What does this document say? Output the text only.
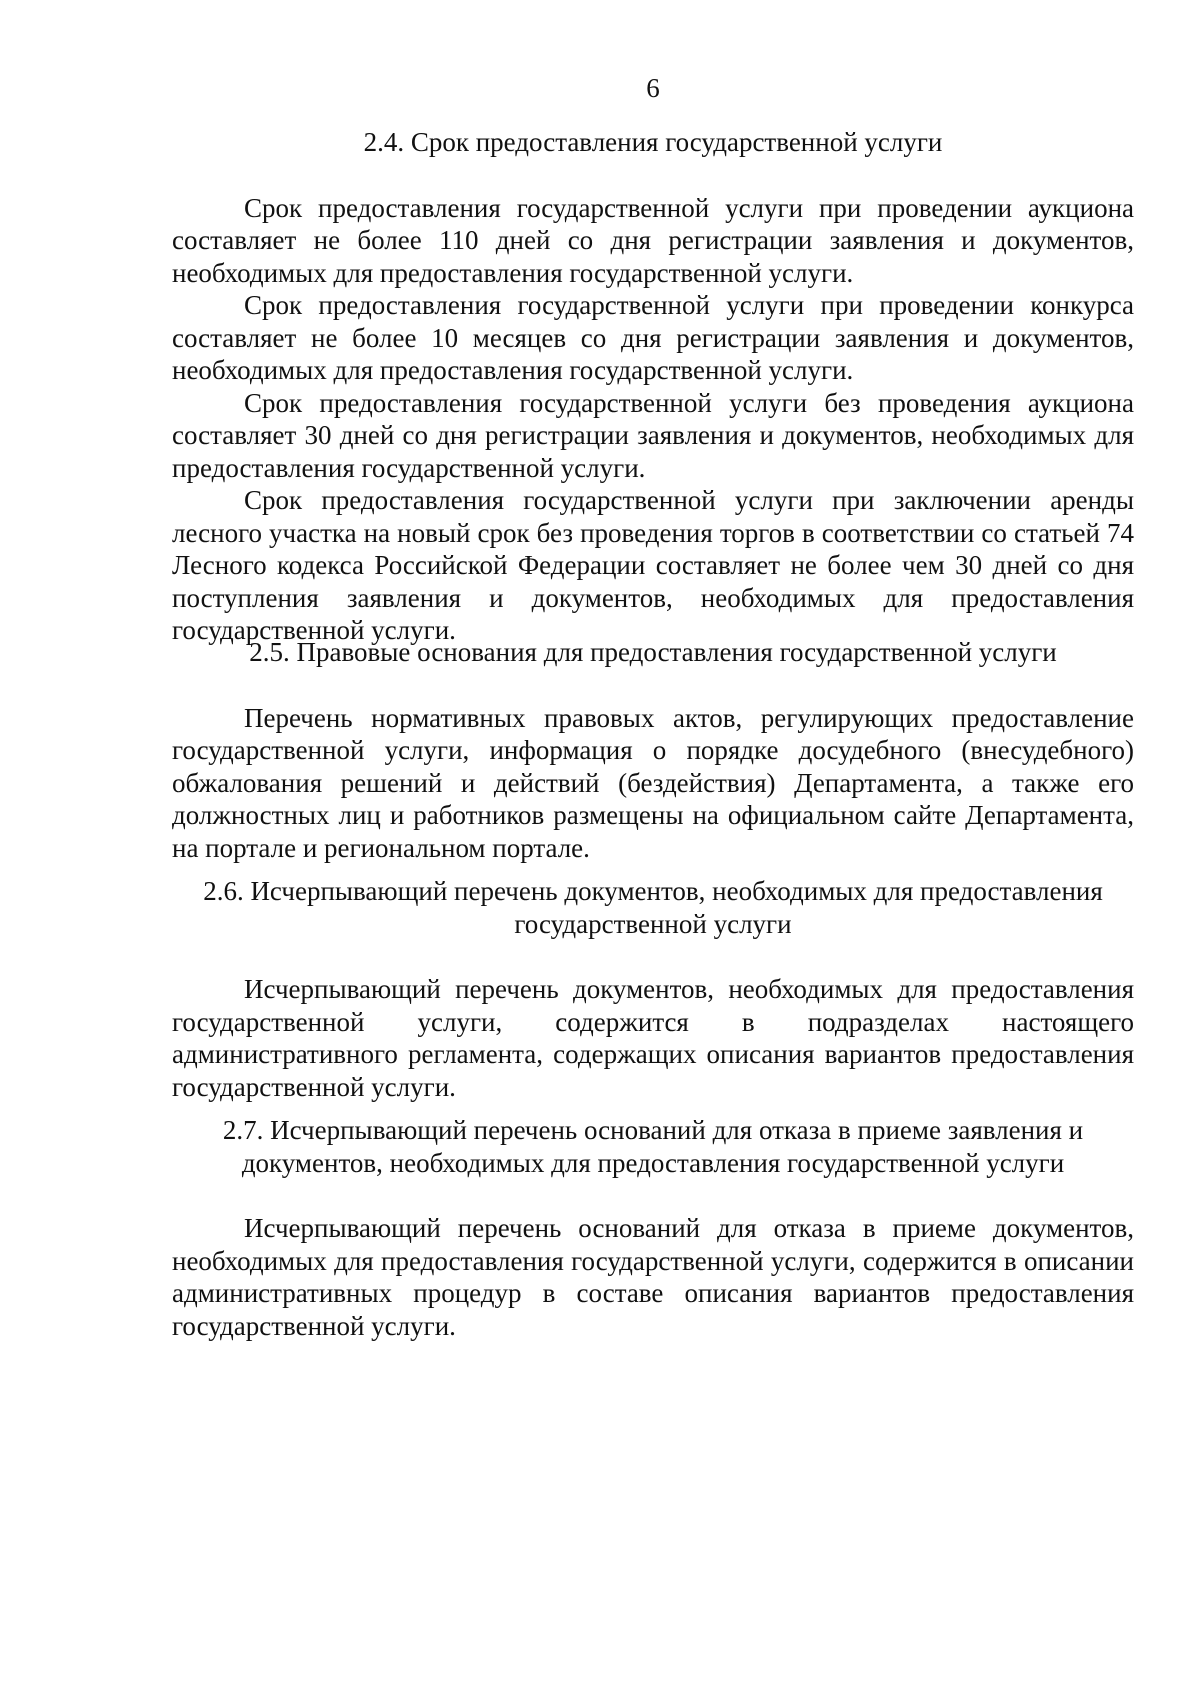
6

2.4. Срок предоставления государственной услуги

Срок предоставления государственной услуги при проведении аукциона составляет не более 110 дней со дня регистрации заявления и документов, необходимых для предоставления государственной услуги.

Срок предоставления государственной услуги при проведении конкурса составляет не более 10 месяцев со дня регистрации заявления и документов, необходимых для предоставления государственной услуги.

Срок предоставления государственной услуги без проведения аукциона составляет 30 дней со дня регистрации заявления и документов, необходимых для предоставления государственной услуги.

Срок предоставления государственной услуги при заключении аренды лесного участка на новый срок без проведения торгов в соответствии со статьей 74 Лесного кодекса Российской Федерации составляет не более чем 30 дней со дня поступления заявления и документов, необходимых для предоставления государственной услуги.

2.5. Правовые основания для предоставления государственной услуги

Перечень нормативных правовых актов, регулирующих предоставление государственной услуги, информация о порядке досудебного (внесудебного) обжалования решений и действий (бездействия) Департамента, а также его должностных лиц и работников размещены на официальном сайте Департамента, на портале и региональном портале.

2.6. Исчерпывающий перечень документов, необходимых для предоставления государственной услуги

Исчерпывающий перечень документов, необходимых для предоставления государственной услуги, содержится в подразделах настоящего административного регламента, содержащих описания вариантов предоставления государственной услуги.

2.7. Исчерпывающий перечень оснований для отказа в приеме заявления и документов, необходимых для предоставления государственной услуги

Исчерпывающий перечень оснований для отказа в приеме документов, необходимых для предоставления государственной услуги, содержится в описании административных процедур в составе описания вариантов предоставления государственной услуги.
